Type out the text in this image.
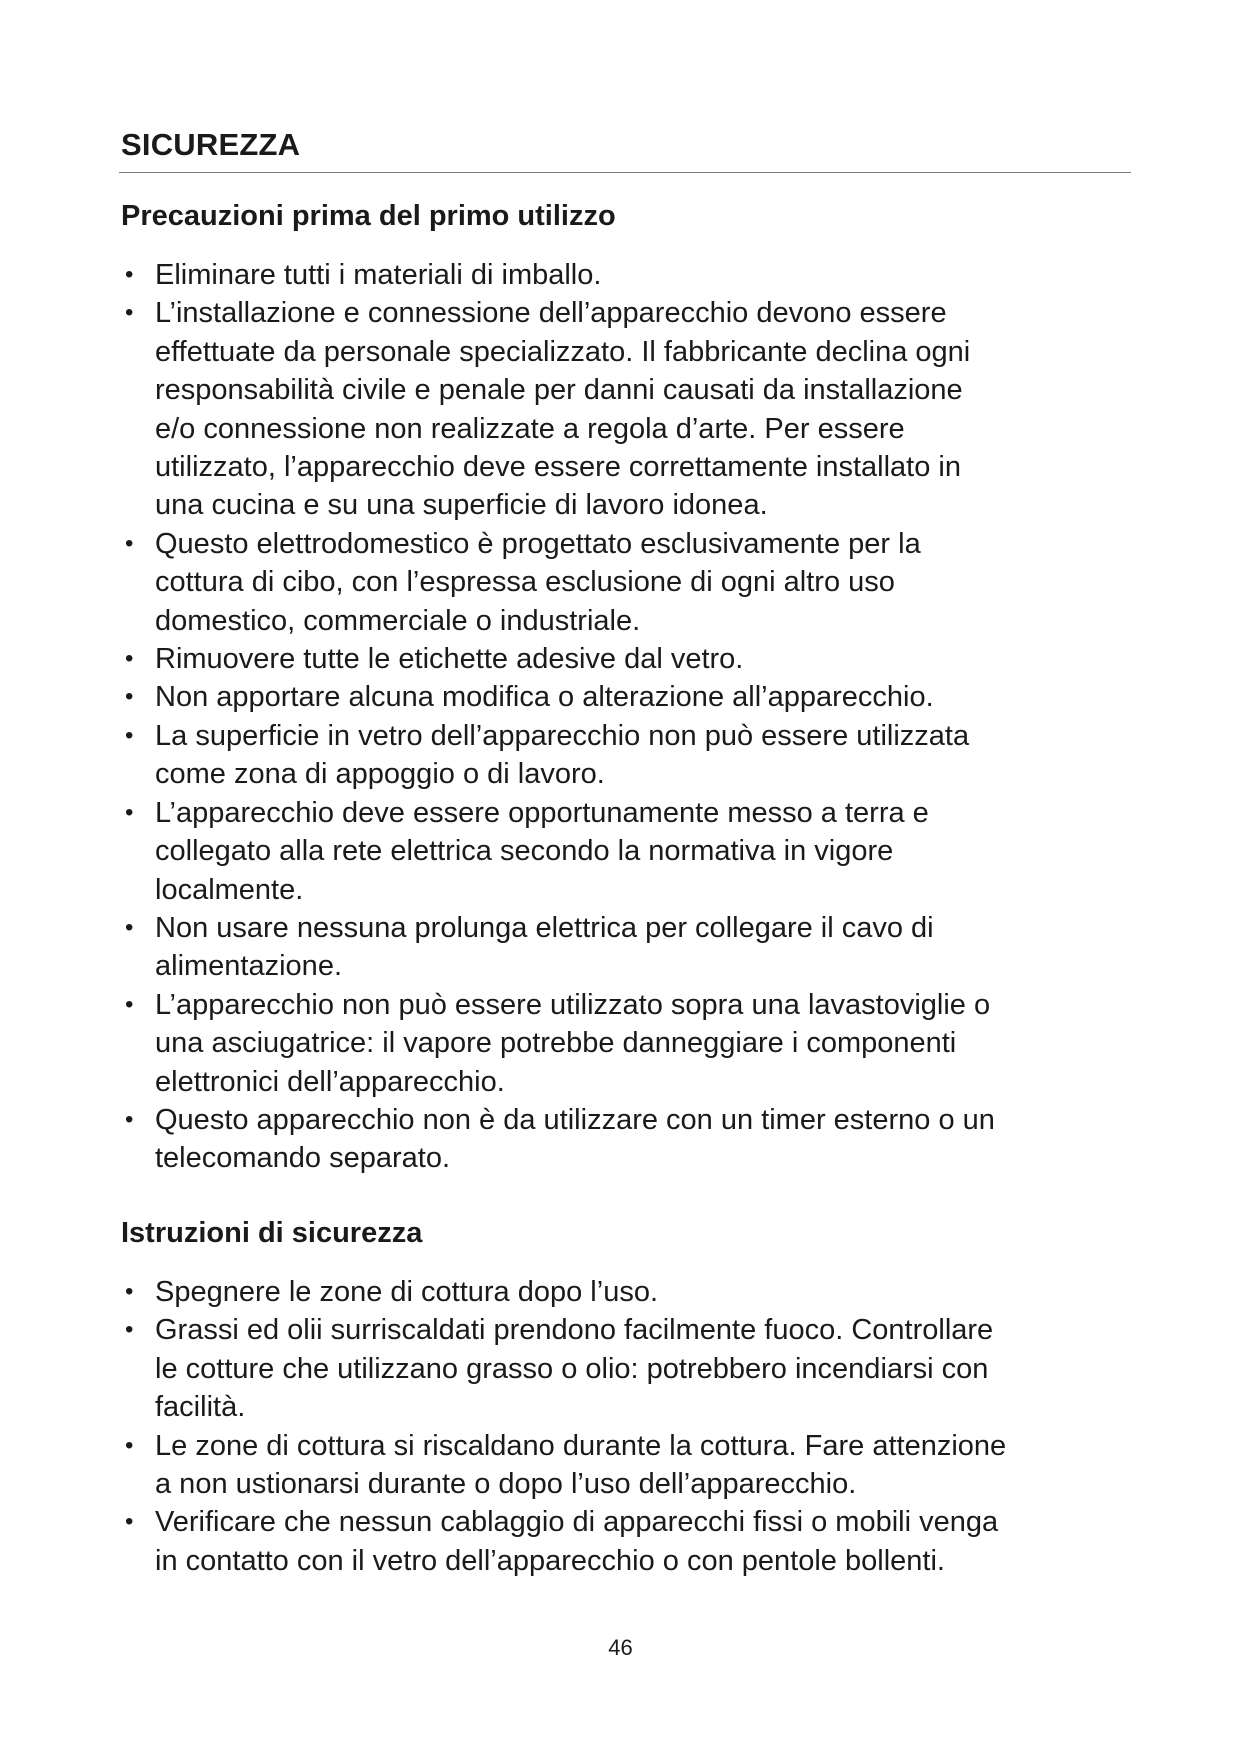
SICUREZZA
Precauzioni prima del primo utilizzo
• Eliminare tutti i materiali di imballo.
• L’installazione e connessione dell’apparecchio devono essere
effettuate da personale specializzato. Il fabbricante declina ogni
responsabilità civile e penale per danni causati da installazione
e/o connessione non realizzate a regola d’arte. Per essere
utilizzato, l’apparecchio deve essere correttamente installato in
una cucina e su una superficie di lavoro idonea.
• Questo elettrodomestico è progettato esclusivamente per la
cottura di cibo, con l’espressa esclusione di ogni altro uso
domestico, commerciale o industriale.
• Rimuovere tutte le etichette adesive dal vetro.
• Non apportare alcuna modifica o alterazione all’apparecchio.
• La superficie in vetro dell’apparecchio non può essere utilizzata
come zona di appoggio o di lavoro.
• L’apparecchio deve essere opportunamente messo a terra e
collegato alla rete elettrica secondo la normativa in vigore
localmente.
• Non usare nessuna prolunga elettrica per collegare il cavo di
alimentazione.
• L’apparecchio non può essere utilizzato sopra una lavastoviglie o
una asciugatrice: il vapore potrebbe danneggiare i componenti
elettronici dell’apparecchio.
• Questo apparecchio non è da utilizzare con un timer esterno o un
telecomando separato.
Istruzioni di sicurezza
• Spegnere le zone di cottura dopo l’uso.
• Grassi ed olii surriscaldati prendono facilmente fuoco. Controllare
le cotture che utilizzano grasso o olio: potrebbero incendiarsi con
facilità.
• Le zone di cottura si riscaldano durante la cottura. Fare attenzione
a non ustionarsi durante o dopo l’uso dell’apparecchio.
• Verificare che nessun cablaggio di apparecchi fissi o mobili venga
in contatto con il vetro dell’apparecchio o con pentole bollenti.
46
